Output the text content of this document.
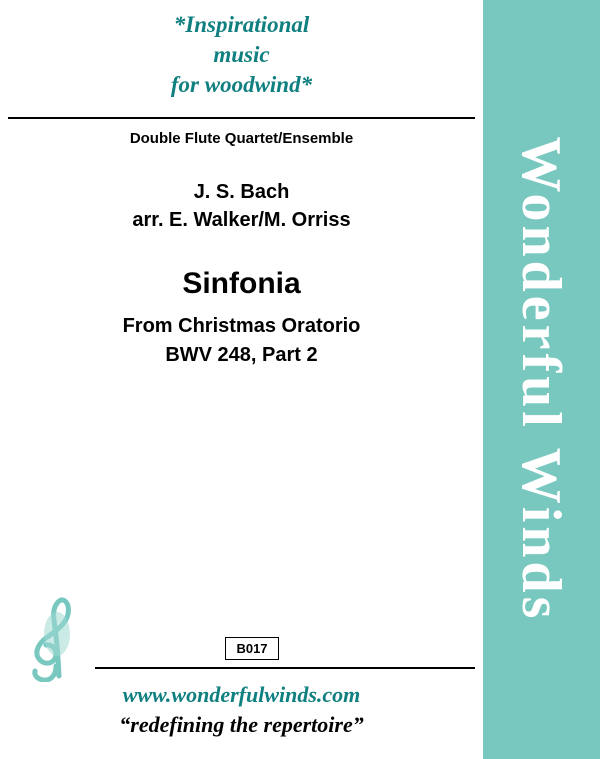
*Inspirational
music
for woodwind*
Double Flute Quartet/Ensemble
J. S. Bach
arr. E. Walker/M. Orriss
Sinfonia
From Christmas Oratorio
BWV 248, Part 2
B017
www.wonderfulwinds.com
“redefining the repertoire”
Wonderful Winds
